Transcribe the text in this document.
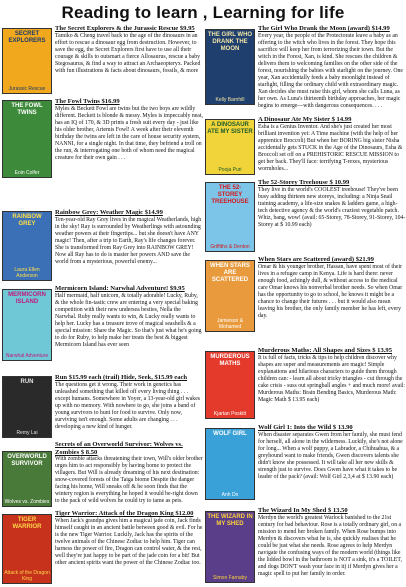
Reading to learn , Learning for life
SECRET EXPLORERS
Jurassic Rescue
The Secret Explorers & the Jurassic Rescue $9.95
Tamiko & Cheng travel back to the age of the dinosaurs in an effort to rescue a dinosaur egg from destruction. However, to save the egg, the Secret Explorers first have to use all their courage & skills to outsmart a fierce Allosaurus, rescue a baby Stegosaurus, & find a way to attract an Archaeopteryx. Packed with fun illustrations & facts about dinosaurs, fossils, & more
THE FOWL TWINS
Eoin Colfer
The Fowl Twins $16.99
Myles & Beckett Fowl are twins but the two boys are wildly different. Beckett is blonde & messy. Myles is impeccably neat, has an IQ of 170, & 3D prints a fresh suit every day - just like his older brother, Artemis Fowl! A week after their eleventh birthday the twins are left in the care of house security system, NANNI, for a single night. In that time, they befriend a troll on the run, & interrogating one both of whom need the magical creature for their own gain . . .
RAINBOW GREY
Laura Ellen Anderson
Rainbow Grey: Weather Magic $14.99
Ten-year-old Ray Grey lives in the magical Weatherlands, high in the sky! Ray is surrounded by Weatherlings with astounding weather powers at their fingertips... but she doesn't have ANY magic! Then, after a trip to Earth, Ray's life changes forever. She is transformed from Ray Grey into RAINBOW GREY! Now all Ray has to do is master her powers AND save the world from a mysterious, powerful enemy...
MERMICORN ISLAND
Narwhal Adventure
Mermicorn Island: Narwhal Adventure! $9.95
Half mermaid, half unicorn, & totally adorable! Lucky, Ruby, & the whole fin-tastic crew are entering a very special baking competition with their new undersea besties, Nella the Narwhal. Ruby really wants to win, & Lucky really wants to help her. Lucky has a treasure trove of magical seashells & a special mission: Share the Magic. So that's just what he's going to do for Ruby, to help make her treats the best & biggest Mermicorn Island has ever seen
RUN
Remy Lai
Run $15.99 each (trail) Hide, Seek, $15.99 each
The questions get it wrong. Their work in genetics has unleashed something that killed off every living thing . . . except humans. Somewhere in Yoyer, a 13-year-old girl wakes up with no memory. With nowhere to go, she joins a band of young survivors to hunt for food to survive. Only now, surviving isn't enough. Some adults are changing . . . developing a new kind of hunger.
OVERWORLD SURVIVOR
Wolves vs. Zombies
Secrets of an Overworld Survivor: Wolves vs. Zombies $ 8.50
With zombie attacks threatening their town, Will's older brother urges him to act responsibly by having home to protect the villagers. But Will is already dreaming of his next destination: snow-covered forests of the Taiga biome Despite the danger facing his home, Will sneaks off & he soon finds that the wintery region is everything he hoped it would be-right down to the pack of wild wolves he could try to tame as pets.
TIGER WARRIOR
Attack of the Dragon King
Tiger Warrior: Attack of the Dragon King $12.00
When Jack's grandpa gives him a magical jade coin, Jack finds himself caught in an ancient battle between good & evil. For he is the new Tiger Warrior. Luckily, Jack has the spirits of the twelve animals of the Chinese Zodiac to help him. Tiger can harness the power of fire, Dragon can control water, & the rest, well they're just happy to be part of the jade coin for a bit! But other ancient spirits want the power of the Chinese Zodiac too.
THE GIRL WHO DRANK THE MOON
Kelly Barnhill
The Girl Who Drank the Moon (award) $14.99
Every year, the people of the Protectorate leave a baby as an offering to the witch who lives in the forest. They hope this sacrifice will keep her from terrorizing their town. But the witch in the Forest, Xan, is kind. She rescues the children & delivers them to welcoming families on the other side of the forest, nourishing the babies with starlight on the journey. One year, Xan accidentally feeds a baby moonlight instead of starlight, filling the ordinary child with extraordinary magic. Xan decides she must raise this girl, whom she calls Luna, as her own. As Luna's thirteenth birthday approaches, her magic begins to emerge—with dangerous consequences. . . .
A DINOSAUR ATE MY SISTER
Pooja Puri
A Dinosaur Ate My Sister $ 14.99
Esha is a Genius Inventor. And she's just created her most brilliant invention yet: A Time machine (with the help of her apprentice Broccoli) But when her BORING big sister Nisha accidentally gets STUCK in the Age of the Dinosaurs, Esha & Broccoli set off on a PREHISTORIC RESCUE MISSION to get her back. They'll face: terrifying T-rexes, mysterious wormholes...
THE 52-STOREY TREEHOUSE
Griffiths & Denton
The 52-Storey Treehouse $ 10.99
They live in the world's COOLEST treehouse! They've been busy adding thirteen new storeys, including: a Ninja Snail training academy, a life-size snakes & ladders game, a high-tech detective agency & the world's craziest vegetable patch. Whiz, bang, wow! (avail: 65-Storey, 78-Storey, 91-Storey, 104-Storey at $ 10.99 each)
WHEN STARS ARE SCATTERED
Jamieson & Mohamed
When Stars are Scattered (award) $21.99
Omar & his younger brother, Hassan, have spent most of their lives in a refugee camp in Kenya. Life is hard there: never enough food, achingly dull, & without access to the medical care Omar knows his nonverbal brother needs. So when Omar has the opportunity to go to school, he knows it might be a chance to change their futures . . . but it would also mean leaving his brother, the only family member he has left, every day.
MURDEROUS MATHS
Kjartan Poskitt
Murderous Maths: All Shapes and Sizes $ 13.95
It is full of facts, tricks & tips to help children discover why shapes are super and measurements are magic! Simple explanations and hilarious characters to guide them through children can: - learn all about tricky triangles - cut through the cake crisis - suss out springball angles + and much more! avail: Murderous Maths: Brain Bending Basics, Murderous Math: Magic Math $ 13.95 each)
WOLF GIRL
Anh Do
Wolf Girl 1: Into the Wild $ 13.90
When disaster separates Gwen from her family, she must fend for herself, all alone in the wilderness. Luckily, she's not alone for long... When a wolf puppy, a Labrador, a Chihuahua, & a greyhound want to make friends, Gwen discovers talents she didn't know she possessed. It will take all her new skills & strength just to survive. Does Gwen have what it takes to be leader of the pack? (avail: Wolf Girl 2,3,4 at $ 13.90 each)
THE WIZARD IN MY SHED
Simon Farnaby
The Wizard In My Shed $ 13.50
Merdyn the world's greatest Warlock banished to the 21st century for bad behaviour. Rose is a totally ordinary girl, on a mission to mend her broken family. When Rose bumps into Merdyn & discovers what he is, she quickly realises that he could be just what she needs. Rose agrees to help Merdyn navigate the confusing ways of the modern world (things like the lidded bowl in the bathroom is NOT a sink, it's a TOILET, and dogs DON'T wash your face in it) if Merdyn gives her a magic spell to put her family in order.
